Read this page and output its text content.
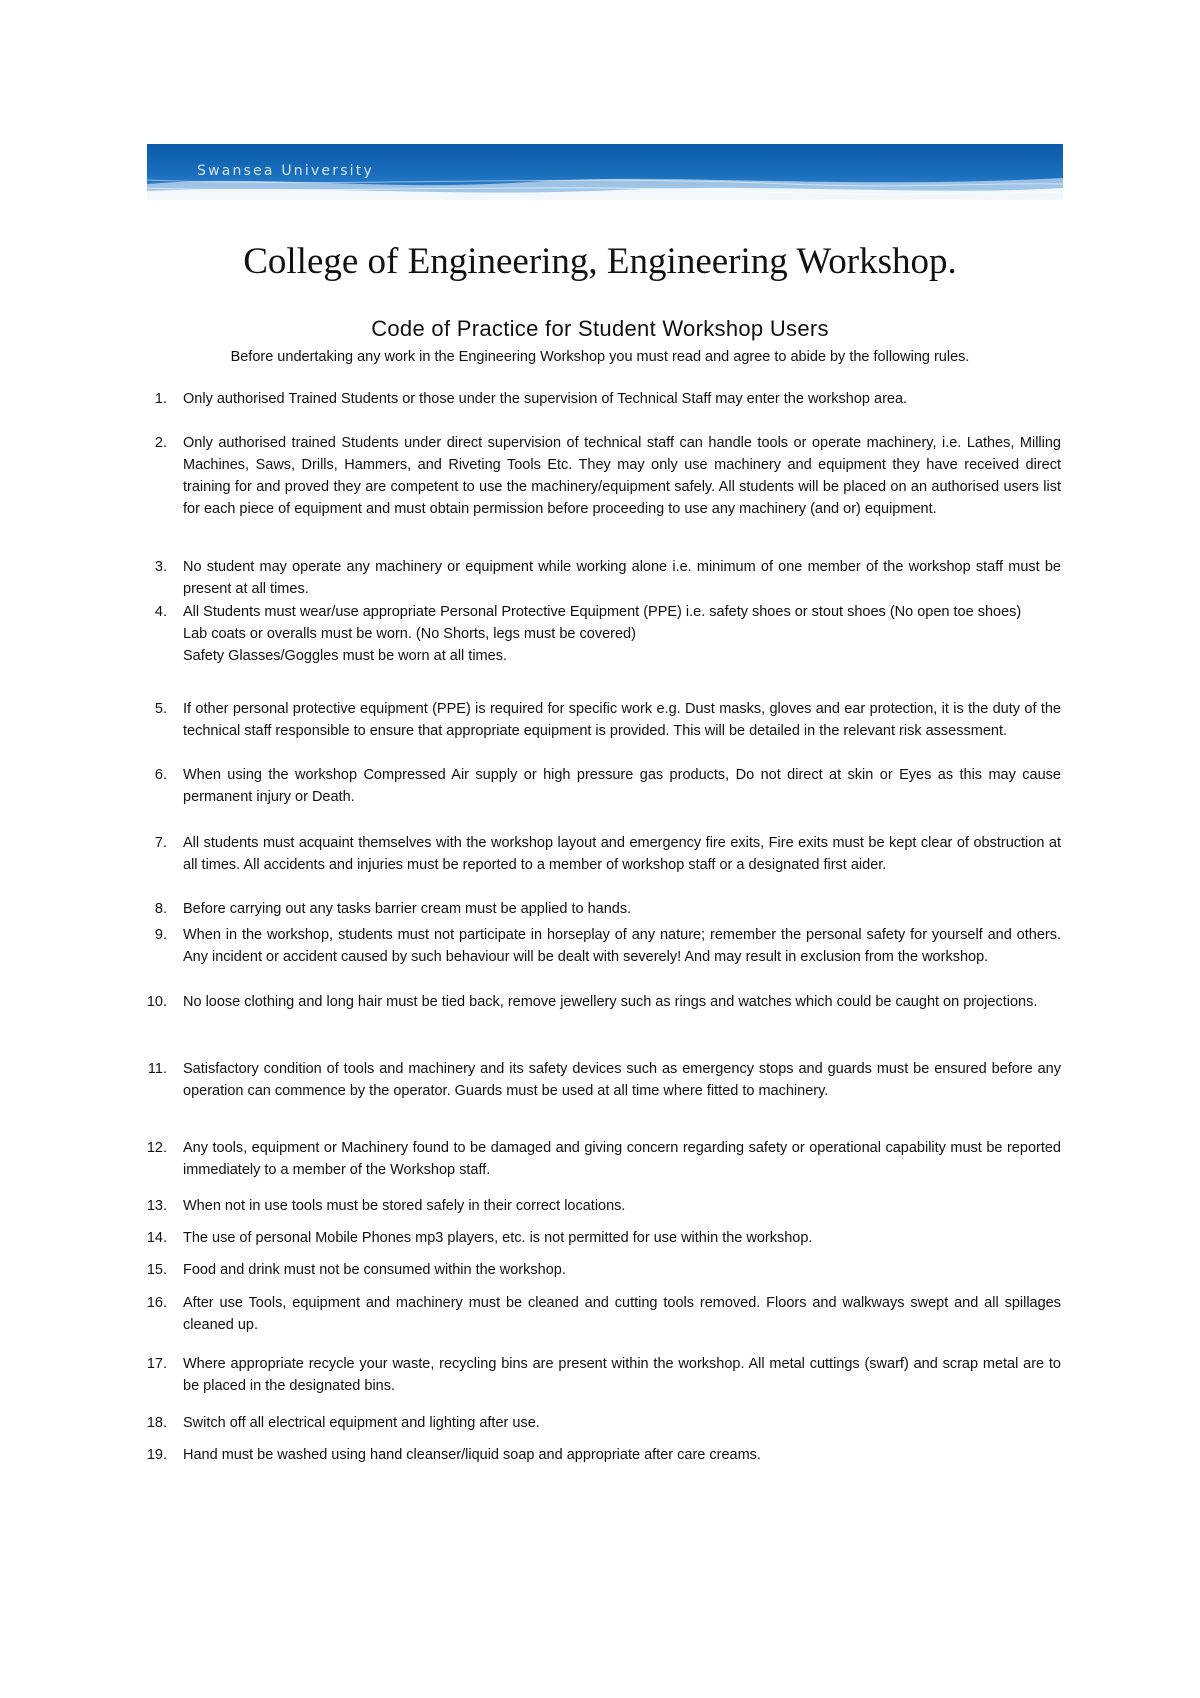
Swansea University
College of Engineering, Engineering Workshop.
Code of Practice for Student Workshop Users

Before undertaking any work in the Engineering Workshop you must read and agree to abide by the following rules.

1. Only authorised Trained Students or those under the supervision of Technical Staff may enter the workshop area.
2. Only authorised trained Students under direct supervision of technical staff can handle tools or operate machinery, i.e. Lathes, Milling Machines, Saws, Drills, Hammers, and Riveting Tools Etc. They may only use machinery and equipment they have received direct training for and proved they are competent to use the machinery/equipment safely. All students will be placed on an authorised users list for each piece of equipment and must obtain permission before proceeding to use any machinery (and or) equipment.
3. No student may operate any machinery or equipment while working alone i.e. minimum of one member of the workshop staff must be present at all times.
4. All Students must wear/use appropriate Personal Protective Equipment (PPE) i.e. safety shoes or stout shoes (No open toe shoes)
Lab coats or overalls must be worn. (No Shorts, legs must be covered)
Safety Glasses/Goggles must be worn at all times.
5. If other personal protective equipment (PPE) is required for specific work e.g. Dust masks, gloves and ear protection, it is the duty of the technical staff responsible to ensure that appropriate equipment is provided. This will be detailed in the relevant risk assessment.
6. When using the workshop Compressed Air supply or high pressure gas products, Do not direct at skin or Eyes as this may cause permanent injury or Death.
7. All students must acquaint themselves with the workshop layout and emergency fire exits, Fire exits must be kept clear of obstruction at all times. All accidents and injuries must be reported to a member of workshop staff or a designated first aider.
8. Before carrying out any tasks barrier cream must be applied to hands.
9. When in the workshop, students must not participate in horseplay of any nature; remember the personal safety for yourself and others. Any incident or accident caused by such behaviour will be dealt with severely! And may result in exclusion from the workshop.
10. No loose clothing and long hair must be tied back, remove jewellery such as rings and watches which could be caught on projections.
11. Satisfactory condition of tools and machinery and its safety devices such as emergency stops and guards must be ensured before any operation can commence by the operator. Guards must be used at all time where fitted to machinery.
12. Any tools, equipment or Machinery found to be damaged and giving concern regarding safety or operational capability must be reported immediately to a member of the Workshop staff.
13. When not in use tools must be stored safely in their correct locations.
14. The use of personal Mobile Phones mp3 players, etc. is not permitted for use within the workshop.
15. Food and drink must not be consumed within the workshop.
16. After use Tools, equipment and machinery must be cleaned and cutting tools removed. Floors and walkways swept and all spillages cleaned up.
17. Where appropriate recycle your waste, recycling bins are present within the workshop. All metal cuttings (swarf) and scrap metal are to be placed in the designated bins.
18. Switch off all electrical equipment and lighting after use.
19. Hand must be washed using hand cleanser/liquid soap and appropriate after care creams.
